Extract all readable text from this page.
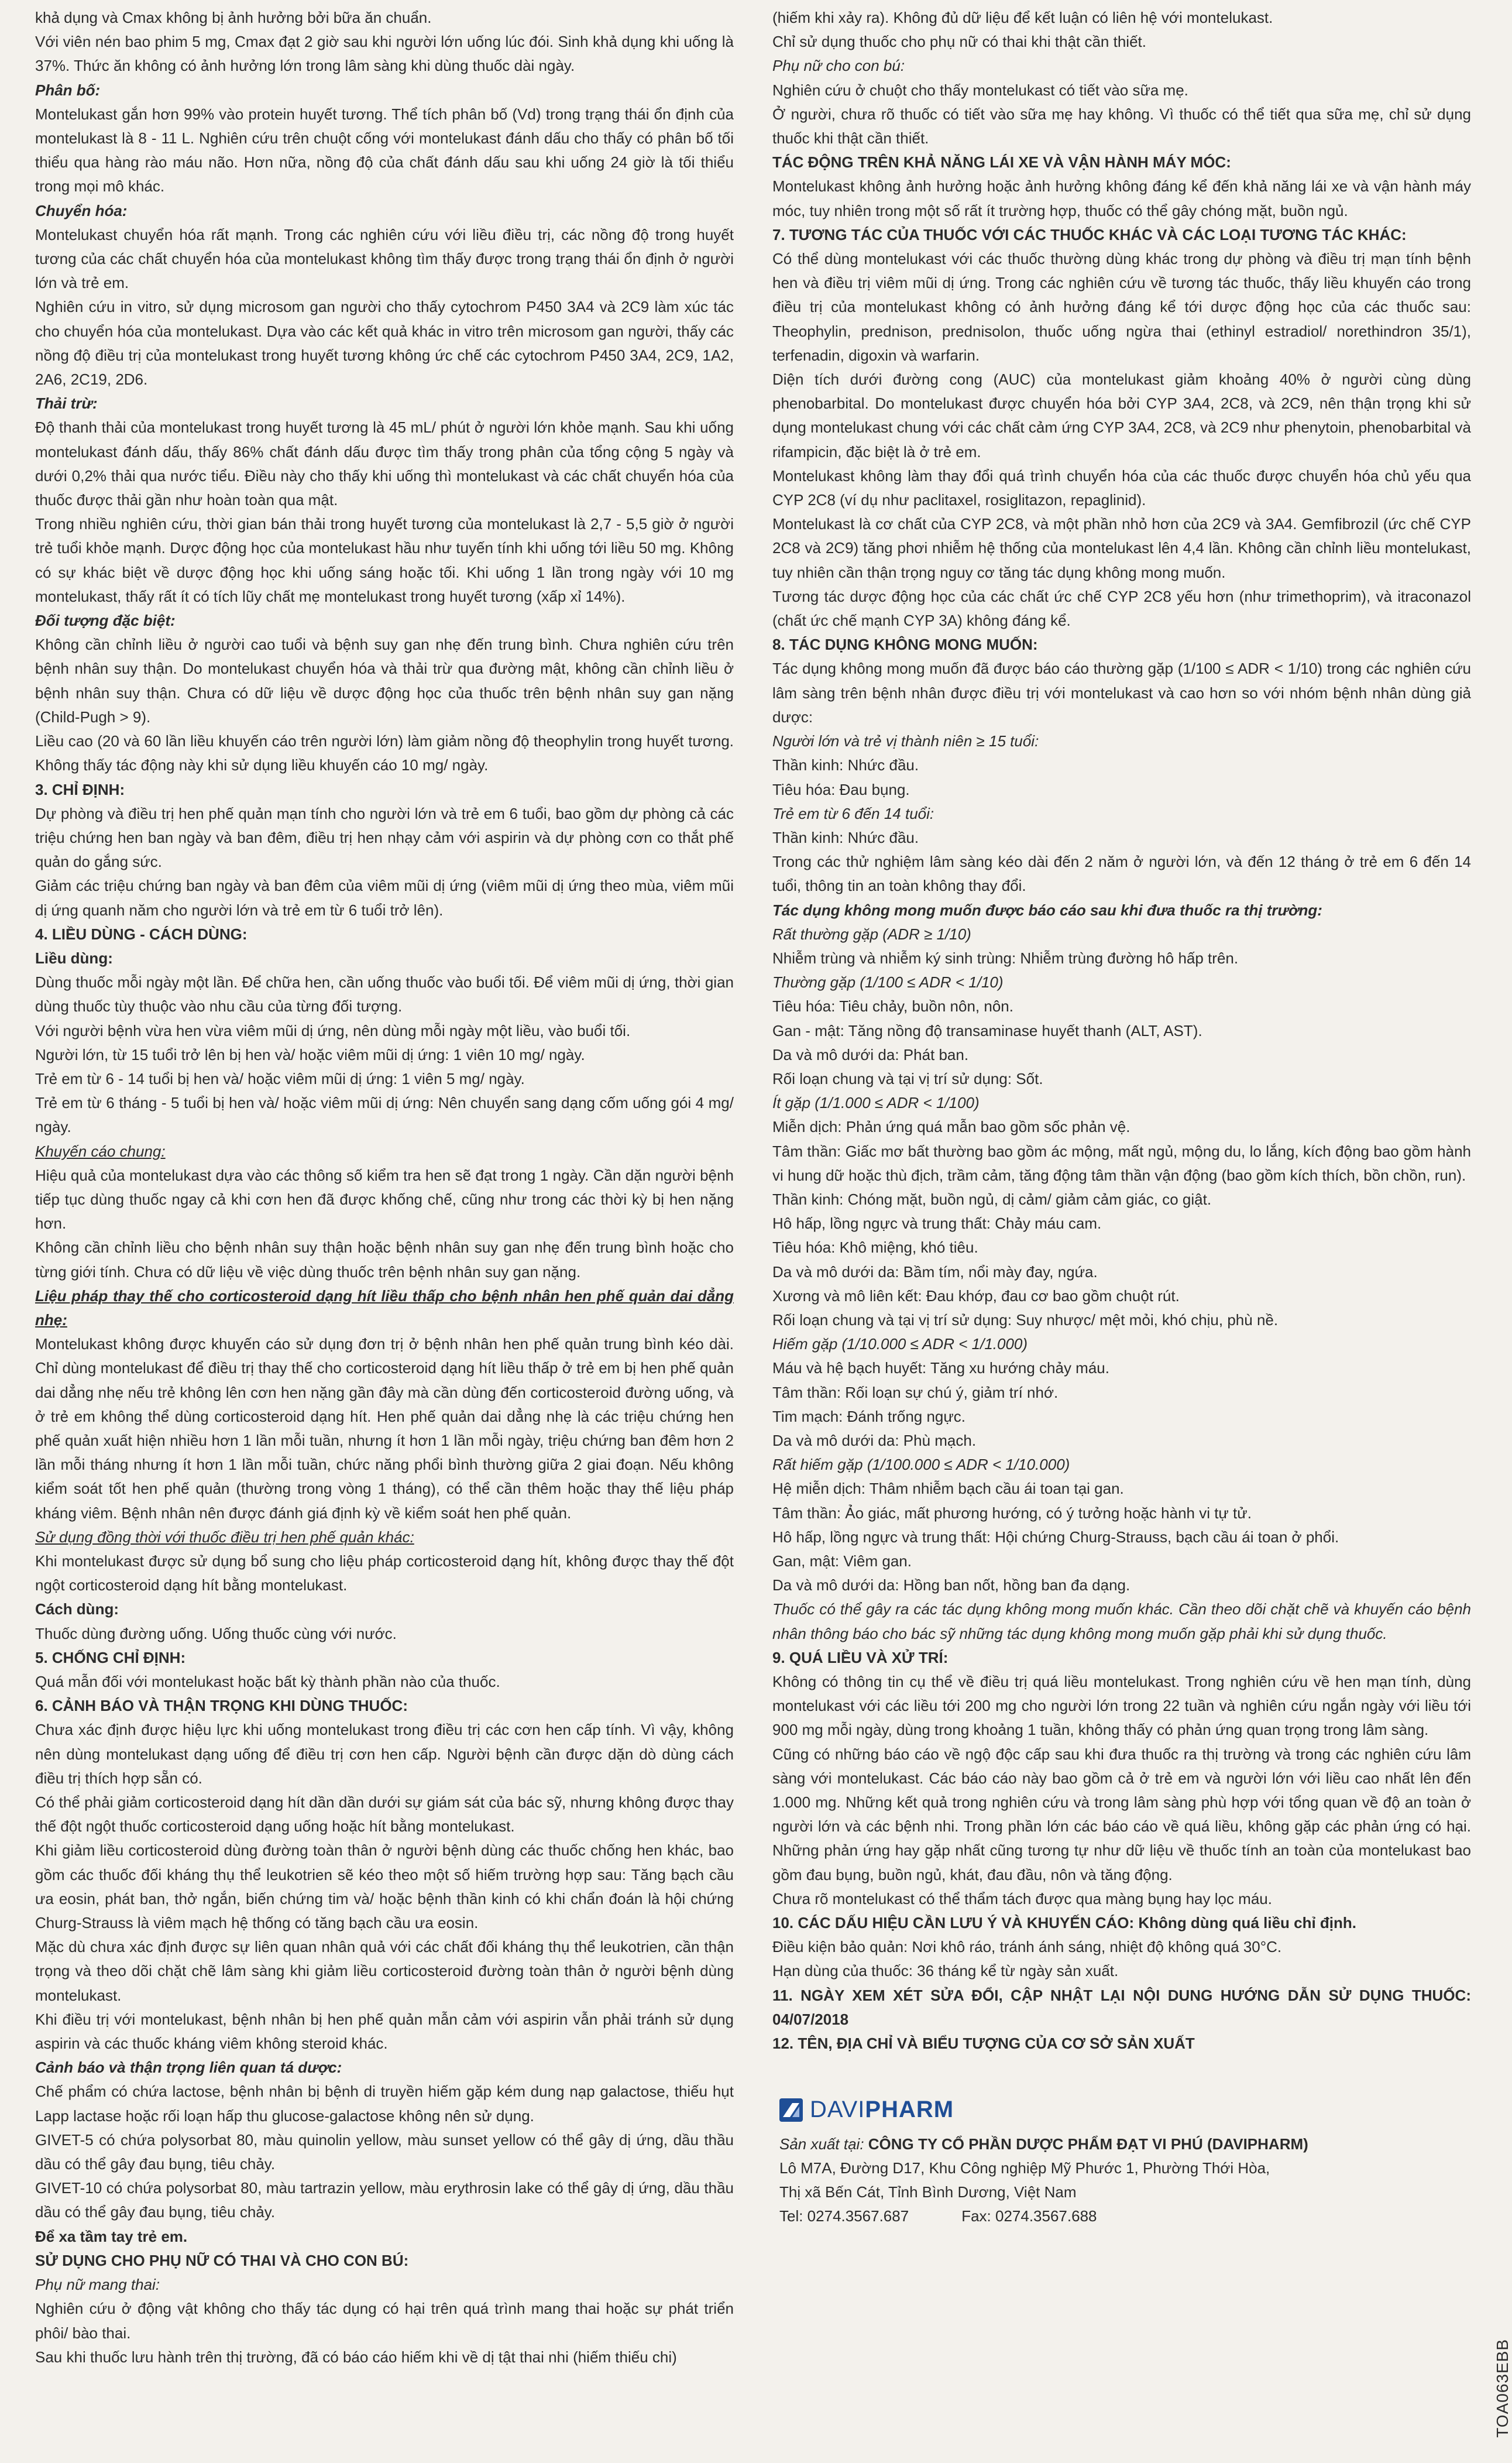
khả dụng và Cmax không bị ảnh hưởng bởi bữa ăn chuẩn.

Với viên nén bao phim 5 mg, Cmax đạt 2 giờ sau khi người lớn uống lúc đói. Sinh khả dụng khi uống là 37%. Thức ăn không có ảnh hưởng lớn trong lâm sàng khi dùng thuốc dài ngày.

Phân bố:

Montelukast gắn hơn 99% vào protein huyết tương. Thể tích phân bố (Vd) trong trạng thái ổn định của montelukast là 8 - 11 L. Nghiên cứu trên chuột cống với montelukast đánh dấu cho thấy có phân bố tối thiểu qua hàng rào máu não. Hơn nữa, nồng độ của chất đánh dấu sau khi uống 24 giờ là tối thiểu trong mọi mô khác.

Chuyển hóa:

Montelukast chuyển hóa rất mạnh. Trong các nghiên cứu với liều điều trị, các nồng độ trong huyết tương của các chất chuyển hóa của montelukast không tìm thấy được trong trạng thái ổn định ở người lớn và trẻ em.

Nghiên cứu in vitro, sử dụng microsom gan người cho thấy cytochrom P450 3A4 và 2C9 làm xúc tác cho chuyển hóa của montelukast. Dựa vào các kết quả khác in vitro trên microsom gan người, thấy các nồng độ điều trị của montelukast trong huyết tương không ức chế các cytochrom P450 3A4, 2C9, 1A2, 2A6, 2C19, 2D6.

Thải trừ:

Độ thanh thải của montelukast trong huyết tương là 45 mL/ phút ở người lớn khỏe mạnh. Sau khi uống montelukast đánh dấu, thấy 86% chất đánh dấu được tìm thấy trong phân của tổng cộng 5 ngày và dưới 0,2% thải qua nước tiểu. Điều này cho thấy khi uống thì montelukast và các chất chuyển hóa của thuốc được thải gần như hoàn toàn qua mật.

Trong nhiều nghiên cứu, thời gian bán thải trong huyết tương của montelukast là 2,7 - 5,5 giờ ở người trẻ tuổi khỏe mạnh. Dược động học của montelukast hầu như tuyến tính khi uống tới liều 50 mg. Không có sự khác biệt về dược động học khi uống sáng hoặc tối. Khi uống 1 lần trong ngày với 10 mg montelukast, thấy rất ít có tích lũy chất mẹ montelukast trong huyết tương (xấp xỉ 14%).

Đối tượng đặc biệt:

Không cần chỉnh liều ở người cao tuổi và bệnh suy gan nhẹ đến trung bình. Chưa nghiên cứu trên bệnh nhân suy thận. Do montelukast chuyển hóa và thải trừ qua đường mật, không cần chỉnh liều ở bệnh nhân suy thận. Chưa có dữ liệu về dược động học của thuốc trên bệnh nhân suy gan nặng (Child-Pugh > 9).

Liều cao (20 và 60 lần liều khuyến cáo trên người lớn) làm giảm nồng độ theophylin trong huyết tương. Không thấy tác động này khi sử dụng liều khuyến cáo 10 mg/ ngày.

3. CHỈ ĐỊNH:

Dự phòng và điều trị hen phế quản mạn tính cho người lớn và trẻ em 6 tuổi, bao gồm dự phòng cả các triệu chứng hen ban ngày và ban đêm, điều trị hen nhạy cảm với aspirin và dự phòng cơn co thắt phế quản do gắng sức.

Giảm các triệu chứng ban ngày và ban đêm của viêm mũi dị ứng (viêm mũi dị ứng theo mùa, viêm mũi dị ứng quanh năm cho người lớn và trẻ em từ 6 tuổi trở lên).

4. LIỀU DÙNG - CÁCH DÙNG:

Liều dùng:

Dùng thuốc mỗi ngày một lần. Để chữa hen, cần uống thuốc vào buổi tối. Để viêm mũi dị ứng, thời gian dùng thuốc tùy thuộc vào nhu cầu của từng đối tượng.

Với người bệnh vừa hen vừa viêm mũi dị ứng, nên dùng mỗi ngày một liều, vào buổi tối.

Người lớn, từ 15 tuổi trở lên bị hen và/ hoặc viêm mũi dị ứng: 1 viên 10 mg/ ngày.

Trẻ em từ 6 - 14 tuổi bị hen và/ hoặc viêm mũi dị ứng: 1 viên 5 mg/ ngày.

Trẻ em từ 6 tháng - 5 tuổi bị hen và/ hoặc viêm mũi dị ứng: Nên chuyển sang dạng cốm uống gói 4 mg/ ngày.

Khuyến cáo chung:

Hiệu quả của montelukast dựa vào các thông số kiểm tra hen sẽ đạt trong 1 ngày. Cần dặn người bệnh tiếp tục dùng thuốc ngay cả khi cơn hen đã được khống chế, cũng như trong các thời kỳ bị hen nặng hơn.

Không cần chỉnh liều cho bệnh nhân suy thận hoặc bệnh nhân suy gan nhẹ đến trung bình hoặc cho từng giới tính. Chưa có dữ liệu về việc dùng thuốc trên bệnh nhân suy gan nặng.

Liệu pháp thay thế cho corticosteroid dạng hít liều thấp cho bệnh nhân hen phế quản dai dẳng nhẹ:

Montelukast không được khuyến cáo sử dụng đơn trị ở bệnh nhân hen phế quản trung bình kéo dài. Chỉ dùng montelukast để điều trị thay thế cho corticosteroid dạng hít liều thấp ở trẻ em bị hen phế quản dai dẳng nhẹ nếu trẻ không lên cơn hen nặng gần đây mà cần dùng đến corticosteroid đường uống, và ở trẻ em không thể dùng corticosteroid dạng hít. Hen phế quản dai dẳng nhẹ là các triệu chứng hen phế quản xuất hiện nhiều hơn 1 lần mỗi tuần, nhưng ít hơn 1 lần mỗi ngày, triệu chứng ban đêm hơn 2 lần mỗi tháng nhưng ít hơn 1 lần mỗi tuần, chức năng phổi bình thường giữa 2 giai đoạn. Nếu không kiểm soát tốt hen phế quản (thường trong vòng 1 tháng), có thể cần thêm hoặc thay thế liệu pháp kháng viêm. Bệnh nhân nên được đánh giá định kỳ về kiểm soát hen phế quản.

Sử dụng đồng thời với thuốc điều trị hen phế quản khác:

Khi montelukast được sử dụng bổ sung cho liệu pháp corticosteroid dạng hít, không được thay thế đột ngột corticosteroid dạng hít bằng montelukast.

Cách dùng:

Thuốc dùng đường uống. Uống thuốc cùng với nước.

5. CHỐNG CHỈ ĐỊNH:

Quá mẫn đối với montelukast hoặc bất kỳ thành phần nào của thuốc.

6. CẢNH BÁO VÀ THẬN TRỌNG KHI DÙNG THUỐC:

Chưa xác định được hiệu lực khi uống montelukast trong điều trị các cơn hen cấp tính. Vì vậy, không nên dùng montelukast dạng uống để điều trị cơn hen cấp. Người bệnh cần được dặn dò dùng cách điều trị thích hợp sẵn có.

Có thể phải giảm corticosteroid dạng hít dần dần dưới sự giám sát của bác sỹ, nhưng không được thay thế đột ngột thuốc corticosteroid dạng uống hoặc hít bằng montelukast.

Khi giảm liều corticosteroid dùng đường toàn thân ở người bệnh dùng các thuốc chống hen khác, bao gồm các thuốc đối kháng thụ thể leukotrien sẽ kéo theo một số hiếm trường hợp sau: Tăng bạch cầu ưa eosin, phát ban, thở ngắn, biến chứng tim và/ hoặc bệnh thần kinh có khi chẩn đoán là hội chứng Churg-Strauss là viêm mạch hệ thống có tăng bạch cầu ưa eosin.

Mặc dù chưa xác định được sự liên quan nhân quả với các chất đối kháng thụ thể leukotrien, cần thận trọng và theo dõi chặt chẽ lâm sàng khi giảm liều corticosteroid đường toàn thân ở người bệnh dùng montelukast.

Khi điều trị với montelukast, bệnh nhân bị hen phế quản mẫn cảm với aspirin vẫn phải tránh sử dụng aspirin và các thuốc kháng viêm không steroid khác.

Cảnh báo và thận trọng liên quan tá dược:

Chế phẩm có chứa lactose, bệnh nhân bị bệnh di truyền hiếm gặp kém dung nạp galactose, thiếu hụt Lapp lactase hoặc rối loạn hấp thu glucose-galactose không nên sử dụng.

GIVET-5 có chứa polysorbat 80, màu quinolin yellow, màu sunset yellow có thể gây dị ứng, dầu thầu dầu có thể gây đau bụng, tiêu chảy.

GIVET-10 có chứa polysorbat 80, màu tartrazin yellow, màu erythrosin lake có thể gây dị ứng, dầu thầu dầu có thể gây đau bụng, tiêu chảy.

Để xa tầm tay trẻ em.

SỬ DỤNG CHO PHỤ NỮ CÓ THAI VÀ CHO CON BÚ:

Phụ nữ mang thai:

Nghiên cứu ở động vật không cho thấy tác dụng có hại trên quá trình mang thai hoặc sự phát triển phôi/ bào thai.

Sau khi thuốc lưu hành trên thị trường, đã có báo cáo hiếm khi về dị tật thai nhi (hiếm thiếu chi)

(hiếm khi xảy ra). Không đủ dữ liệu để kết luận có liên hệ với montelukast.

Chỉ sử dụng thuốc cho phụ nữ có thai khi thật cần thiết.

Phụ nữ cho con bú:

Nghiên cứu ở chuột cho thấy montelukast có tiết vào sữa mẹ.

Ở người, chưa rõ thuốc có tiết vào sữa mẹ hay không. Vì thuốc có thể tiết qua sữa mẹ, chỉ sử dụng thuốc khi thật cần thiết.

TÁC ĐỘNG TRÊN KHẢ NĂNG LÁI XE VÀ VẬN HÀNH MÁY MÓC:

Montelukast không ảnh hưởng hoặc ảnh hưởng không đáng kể đến khả năng lái xe và vận hành máy móc, tuy nhiên trong một số rất ít trường hợp, thuốc có thể gây chóng mặt, buồn ngủ.

7. TƯƠNG TÁC CỦA THUỐC VỚI CÁC THUỐC KHÁC VÀ CÁC LOẠI TƯƠNG TÁC KHÁC:

Có thể dùng montelukast với các thuốc thường dùng khác trong dự phòng và điều trị mạn tính bệnh hen và điều trị viêm mũi dị ứng. Trong các nghiên cứu về tương tác thuốc, thấy liều khuyến cáo trong điều trị của montelukast không có ảnh hưởng đáng kể tới dược động học của các thuốc sau: Theophylin, prednison, prednisolon, thuốc uống ngừa thai (ethinyl estradiol/ norethindron 35/1), terfenadin, digoxin và warfarin.

Diện tích dưới đường cong (AUC) của montelukast giảm khoảng 40% ở người cùng dùng phenobarbital. Do montelukast được chuyển hóa bởi CYP 3A4, 2C8, và 2C9, nên thận trọng khi sử dụng montelukast chung với các chất cảm ứng CYP 3A4, 2C8, và 2C9 như phenytoin, phenobarbital và rifampicin, đặc biệt là ở trẻ em.

Montelukast không làm thay đổi quá trình chuyển hóa của các thuốc được chuyển hóa chủ yếu qua CYP 2C8 (ví dụ như paclitaxel, rosiglitazon, repaglinid).

Montelukast là cơ chất của CYP 2C8, và một phần nhỏ hơn của 2C9 và 3A4. Gemfibrozil (ức chế CYP 2C8 và 2C9) tăng phơi nhiễm hệ thống của montelukast lên 4,4 lần. Không cần chỉnh liều montelukast, tuy nhiên cần thận trọng nguy cơ tăng tác dụng không mong muốn.

Tương tác dược động học của các chất ức chế CYP 2C8 yếu hơn (như trimethoprim), và itraconazol (chất ức chế mạnh CYP 3A) không đáng kể.

8. TÁC DỤNG KHÔNG MONG MUỐN:

Tác dụng không mong muốn đã được báo cáo thường gặp (1/100 ≤ ADR < 1/10) trong các nghiên cứu lâm sàng trên bệnh nhân được điều trị với montelukast và cao hơn so với nhóm bệnh nhân dùng giả dược:

Người lớn và trẻ vị thành niên ≥ 15 tuổi:

Thần kinh: Nhức đầu.

Tiêu hóa: Đau bụng.

Trẻ em từ 6 đến 14 tuổi:

Thần kinh: Nhức đầu.

Trong các thử nghiệm lâm sàng kéo dài đến 2 năm ở người lớn, và đến 12 tháng ở trẻ em 6 đến 14 tuổi, thông tin an toàn không thay đổi.

Tác dụng không mong muốn được báo cáo sau khi đưa thuốc ra thị trường:

Rất thường gặp (ADR ≥ 1/10)

Nhiễm trùng và nhiễm ký sinh trùng: Nhiễm trùng đường hô hấp trên.

Thường gặp (1/100 ≤ ADR < 1/10)

Tiêu hóa: Tiêu chảy, buồn nôn, nôn.

Gan - mật: Tăng nồng độ transaminase huyết thanh (ALT, AST).

Da và mô dưới da: Phát ban.

Rối loạn chung và tại vị trí sử dụng: Sốt.

Ít gặp (1/1.000 ≤ ADR < 1/100)

Miễn dịch: Phản ứng quá mẫn bao gồm sốc phản vệ.

Tâm thần: Giấc mơ bất thường bao gồm ác mộng, mất ngủ, mộng du, lo lắng, kích động bao gồm hành vi hung dữ hoặc thù địch, trầm cảm, tăng động tâm thần vận động (bao gồm kích thích, bồn chồn, run).

Thần kinh: Chóng mặt, buồn ngủ, dị cảm/ giảm cảm giác, co giật.

Hô hấp, lồng ngực và trung thất: Chảy máu cam.

Tiêu hóa: Khô miệng, khó tiêu.

Da và mô dưới da: Bầm tím, nổi mày đay, ngứa.

Xương và mô liên kết: Đau khớp, đau cơ bao gồm chuột rút.

Rối loạn chung và tại vị trí sử dụng: Suy nhược/ mệt mỏi, khó chịu, phù nề.

Hiếm gặp (1/10.000 ≤ ADR < 1/1.000)

Máu và hệ bạch huyết: Tăng xu hướng chảy máu.

Tâm thần: Rối loạn sự chú ý, giảm trí nhớ.

Tim mạch: Đánh trống ngực.

Da và mô dưới da: Phù mạch.

Rất hiếm gặp (1/100.000 ≤ ADR < 1/10.000)

Hệ miễn dịch: Thâm nhiễm bạch cầu ái toan tại gan.

Tâm thần: Ảo giác, mất phương hướng, có ý tưởng hoặc hành vi tự tử.

Hô hấp, lồng ngực và trung thất: Hội chứng Churg-Strauss, bạch cầu ái toan ở phổi.

Gan, mật: Viêm gan.

Da và mô dưới da: Hồng ban nốt, hồng ban đa dạng.

Thuốc có thể gây ra các tác dụng không mong muốn khác. Cần theo dõi chặt chẽ và khuyến cáo bệnh nhân thông báo cho bác sỹ những tác dụng không mong muốn gặp phải khi sử dụng thuốc.

9. QUÁ LIỀU VÀ XỬ TRÍ:

Không có thông tin cụ thể về điều trị quá liều montelukast. Trong nghiên cứu về hen mạn tính, dùng montelukast với các liều tới 200 mg cho người lớn trong 22 tuần và nghiên cứu ngắn ngày với liều tới 900 mg mỗi ngày, dùng trong khoảng 1 tuần, không thấy có phản ứng quan trọng trong lâm sàng.

Cũng có những báo cáo về ngộ độc cấp sau khi đưa thuốc ra thị trường và trong các nghiên cứu lâm sàng với montelukast. Các báo cáo này bao gồm cả ở trẻ em và người lớn với liều cao nhất lên đến 1.000 mg. Những kết quả trong nghiên cứu và trong lâm sàng phù hợp với tổng quan về độ an toàn ở người lớn và các bệnh nhi. Trong phần lớn các báo cáo về quá liều, không gặp các phản ứng có hại. Những phản ứng hay gặp nhất cũng tương tự như dữ liệu về thuốc tính an toàn của montelukast bao gồm đau bụng, buồn ngủ, khát, đau đầu, nôn và tăng động.

Chưa rõ montelukast có thể thẩm tách được qua màng bụng hay lọc máu.

10. CÁC DẤU HIỆU CẦN LƯU Ý VÀ KHUYẾN CÁO: Không dùng quá liều chỉ định.

Điều kiện bảo quản: Nơi khô ráo, tránh ánh sáng, nhiệt độ không quá 30°C.

Hạn dùng của thuốc: 36 tháng kể từ ngày sản xuất.

11. NGÀY XEM XÉT SỬA ĐỔI, CẬP NHẬT LẠI NỘI DUNG HƯỚNG DẪN SỬ DỤNG THUỐC: 04/07/2018

12. TÊN, ĐỊA CHỈ VÀ BIỂU TƯỢNG CỦA CƠ SỞ SẢN XUẤT

DAVIPHARM

Sản xuất tại: CÔNG TY CỔ PHẦN DƯỢC PHẨM ĐẠT VI PHÚ (DAVIPHARM)

Lô M7A, Đường D17, Khu Công nghiệp Mỹ Phước 1, Phường Thới Hòa,

Thị xã Bến Cát, Tỉnh Bình Dương, Việt Nam

Tel: 0274.3567.687	Fax: 0274.3567.688
TOA063EBB
